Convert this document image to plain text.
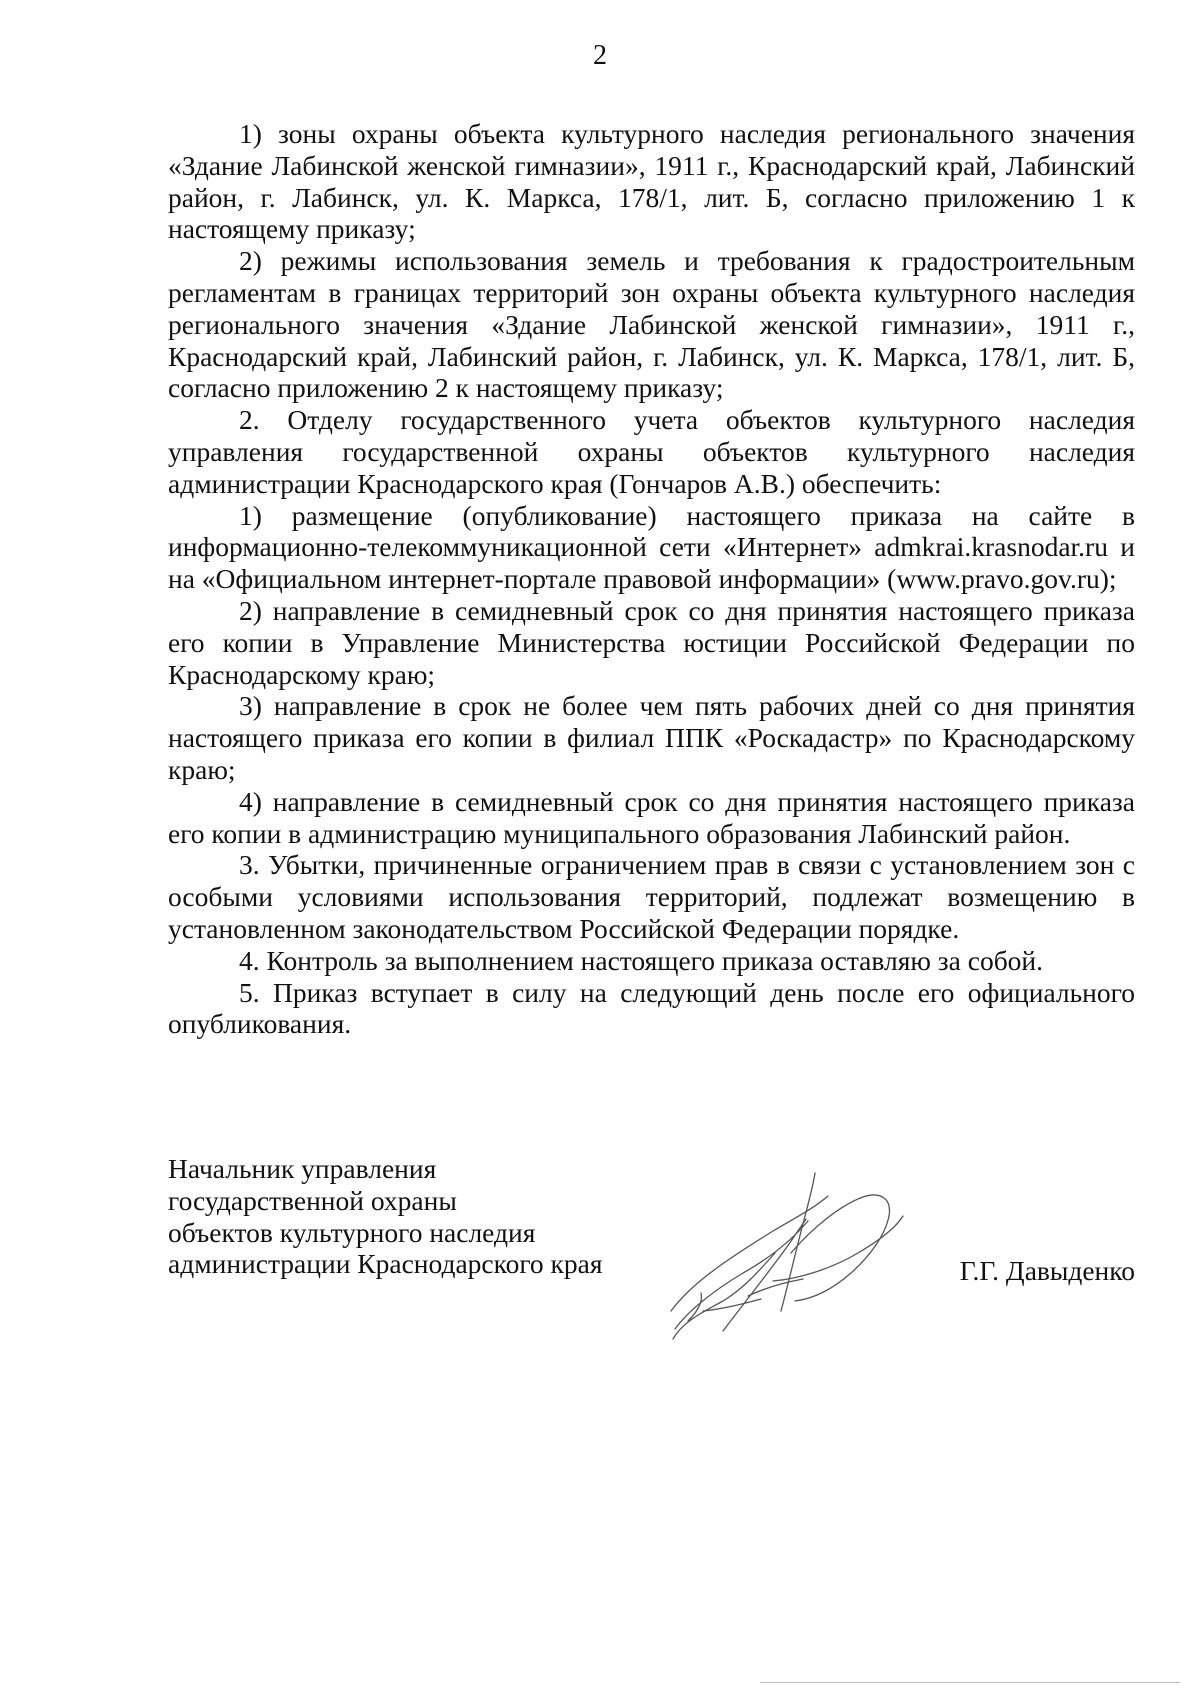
2

1) зоны охраны объекта культурного наследия регионального значения «Здание Лабинской женской гимназии», 1911 г., Краснодарский край, Лабинский район, г. Лабинск, ул. К. Маркса, 178/1, лит. Б, согласно приложению 1 к настоящему приказу;

2) режимы использования земель и требования к градостроительным регламентам в границах территорий зон охраны объекта культурного наследия регионального значения «Здание Лабинской женской гимназии», 1911 г., Краснодарский край, Лабинский район, г. Лабинск, ул. К. Маркса, 178/1, лит. Б, согласно приложению 2 к настоящему приказу;

2. Отделу государственного учета объектов культурного наследия управления государственной охраны объектов культурного наследия администрации Краснодарского края (Гончаров А.В.) обеспечить:

1) размещение (опубликование) настоящего приказа на сайте в информационно-телекоммуникационной сети «Интернет» admkrai.krasnodar.ru и на «Официальном интернет-портале правовой информации» (www.pravo.gov.ru);

2) направление в семидневный срок со дня принятия настоящего приказа его копии в Управление Министерства юстиции Российской Федерации по Краснодарскому краю;

3) направление в срок не более чем пять рабочих дней со дня принятия настоящего приказа его копии в филиал ППК «Роскадастр» по Краснодарскому краю;

4) направление в семидневный срок со дня принятия настоящего приказа его копии в администрацию муниципального образования Лабинский район.

3. Убытки, причиненные ограничением прав в связи с установлением зон с особыми условиями использования территорий, подлежат возмещению в установленном законодательством Российской Федерации порядке.

4. Контроль за выполнением настоящего приказа оставляю за собой.

5. Приказ вступает в силу на следующий день после его официального опубликования.

Начальник управления
государственной охраны
объектов культурного наследия
администрации Краснодарского края	Г.Г. Давыденко
